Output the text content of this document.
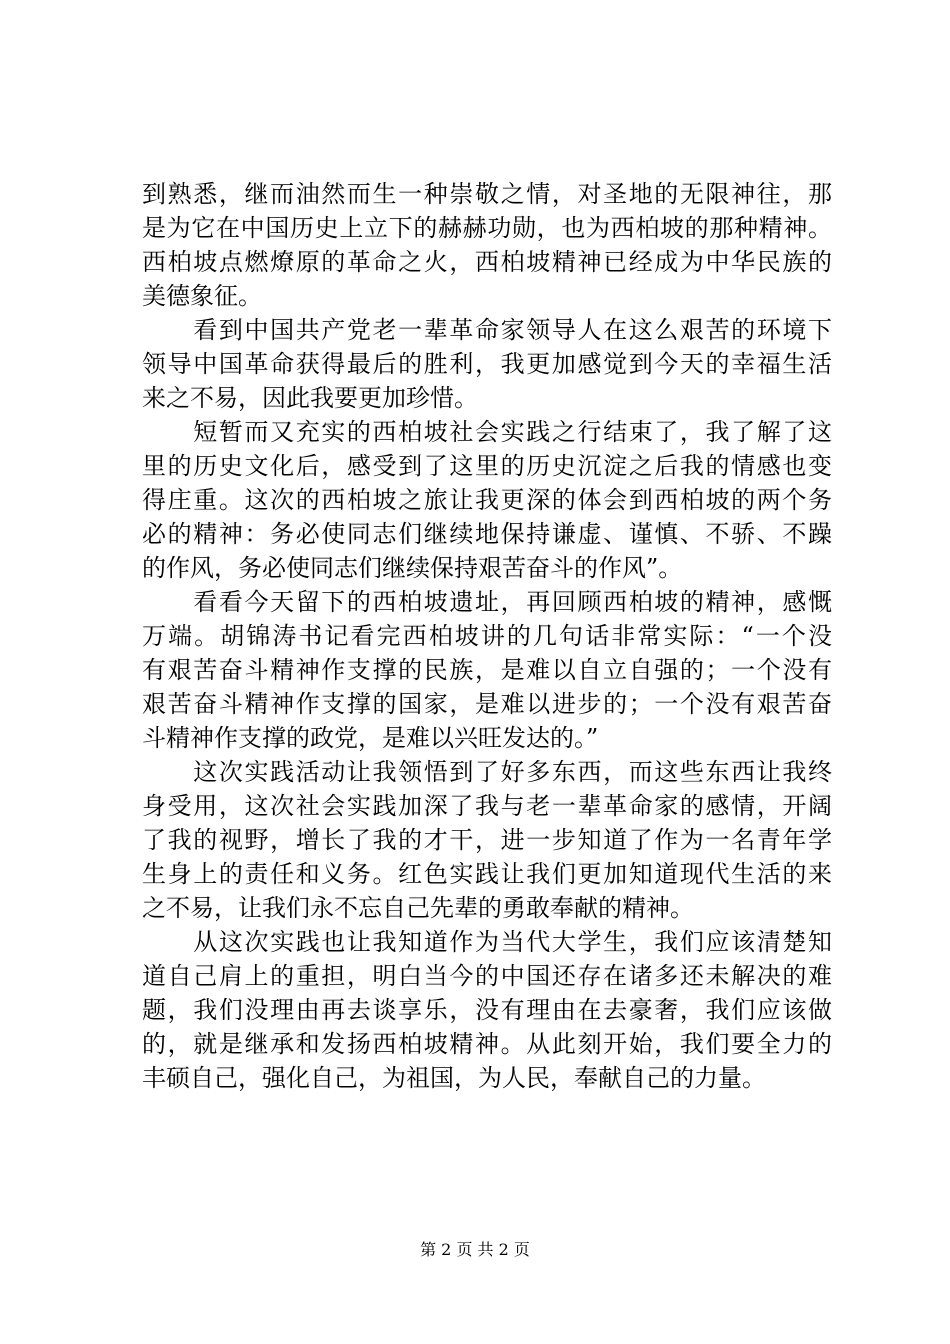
到熟悉，继而油然而生一种崇敬之情，对圣地的无限神往，那
是为它在中国历史上立下的赫赫功勋，也为西柏坡的那种精神。
西柏坡点燃燎原的革命之火，西柏坡精神已经成为中华民族的
美德象征。
　　看到中国共产党老一辈革命家领导人在这么艰苦的环境下
领导中国革命获得最后的胜利，我更加感觉到今天的幸福生活
来之不易，因此我要更加珍惜。
　　短暂而又充实的西柏坡社会实践之行结束了，我了解了这
里的历史文化后，感受到了这里的历史沉淀之后我的情感也变
得庄重。这次的西柏坡之旅让我更深的体会到西柏坡的两个务
必的精神：务必使同志们继续地保持谦虚、谨慎、不骄、不躁
的作风，务必使同志们继续保持艰苦奋斗的作风”。
　　看看今天留下的西柏坡遗址，再回顾西柏坡的精神，感慨
万端。胡锦涛书记看完西柏坡讲的几句话非常实际：“一个没
有艰苦奋斗精神作支撑的民族，是难以自立自强的；一个没有
艰苦奋斗精神作支撑的国家，是难以进步的；一个没有艰苦奋
斗精神作支撑的政党，是难以兴旺发达的。”
　　这次实践活动让我领悟到了好多东西，而这些东西让我终
身受用，这次社会实践加深了我与老一辈革命家的感情，开阔
了我的视野，增长了我的才干，进一步知道了作为一名青年学
生身上的责任和义务。红色实践让我们更加知道现代生活的来
之不易，让我们永不忘自己先辈的勇敢奉献的精神。
　　从这次实践也让我知道作为当代大学生，我们应该清楚知
道自己肩上的重担，明白当今的中国还存在诸多还未解决的难
题，我们没理由再去谈享乐，没有理由在去豪奢，我们应该做
的，就是继承和发扬西柏坡精神。从此刻开始，我们要全力的
丰硕自己，强化自己，为祖国，为人民，奉献自己的力量。
第 2 页 共 2 页
